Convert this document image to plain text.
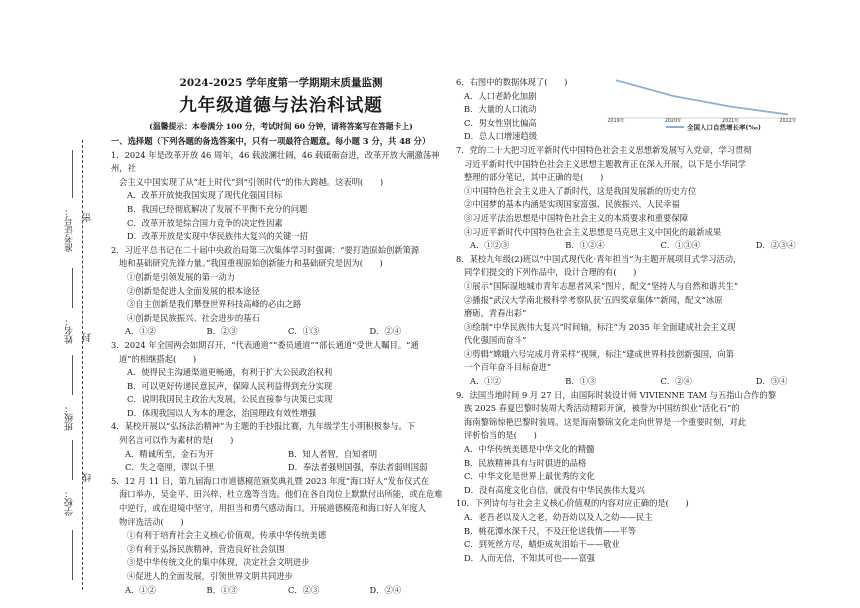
密
封
线
准考证号：
姓名：
班级：
学校：

2024-2025 学年度第一学期期末质量监测

九年级道德与法治科试题

(温馨提示：本卷满分 100 分，考试时间 60 分钟，请将答案写在答题卡上)

一、选择题（下列各题的备选答案中，只有一项最符合题意。每小题 3 分，共 48 分）

1．2024 年是改革开放 46 周年，46 载波澜壮阔，46 载砥砺奋进，改革开放大潮激荡神州，社

会主义中国实现了从“赶上时代”到“引领时代”的伟大跨越。这表明(　　)

A．改革开放使我国实现了现代化强国目标

B．我国已经彻底解决了发展不平衡不充分的问题

C．改革开放是综合国力竞争的决定性因素

D．改革开放是实现中华民族伟大复兴的关键一招

2．习近平总书记在二十届中央政治局第三次集体学习时强调：“要打造原始创新策源

地和基础研究先锋力量。”我国重视原始创新能力和基础研究是因为(　　)

①创新是引领发展的第一动力

②创新是促进人全面发展的根本途径

③自主创新是我们攀登世界科技高峰的必由之路

④创新是民族振兴、社会进步的基石

A．①②	B．②③	C．①③	D．②④

3．2024 年全国两会如期召开，“代表通道”“委员通道”“部长通道”受世人瞩目。“通

道”的相继搭起(　　)

A．使得民主沟通渠道更畅通，有利于扩大公民政治权利

B．可以更好传递民意民声，保障人民利益得到充分实现

C．说明我国民主政治大发展，公民直接参与决策已实现

D．体现我国以人为本的理念，治国理政有效性增强

4．某校开展以“弘扬法治精神”为主题的手抄报比赛，九年级学生小明积极参与。下

列名言可以作为素材的是(　　)

A．精诚所至，金石为开	B．知人者智，自知者明
C．失之毫厘，谬以千里	D．奉法者强则国强，奉法者弱则国弱

5．12 月 11 日，第九届海口市道德模范颁奖典礼暨 2023 年度“海口好人”发布仪式在

海口举办，吴金平、田兴梓、杜立逸等当选。他们在各自岗位上默默付出所能，或在危难

中逆行，或在退境中坚守，用担当和勇气感动海口。开展道德模范和海口好人年度人

物评选活动(　　)

①有利于培育社会主义核心价值观，传承中华传统美德

②有利于弘扬民族精神，营造良好社会氛围

③是中华传统文化的集中体现，决定社会文明进步

④促进人的全面发展，引领世界文明共同进步

A．①②	B．①③	C．②③	D．②④
全国人口自然增长率(‰)
2019年	2020年	2021年	2022年

6．右图中的数据体现了(　　)

A．人口老龄化加剧

B．大量的人口流动

C．男女性别比偏高

D．总人口增速趋缓

7．党的二十大把习近平新时代中国特色社会主义思想新发展写入党章，学习贯彻

习近平新时代中国特色社会主义思想主题教育正在深入开展，以下是小华同学

整理的部分笔记，其中正确的是(　　)

①中国特色社会主义进入了新时代，这是我国发展新的历史方位

②中国梦的基本内涵是实现国家富强、民族振兴、人民幸福

③习近平法治思想是中国特色社会主义的本质要求和重要保障

④习近平新时代中国特色社会主义思想是马克思主义中国化的最新成果

A．①②③	B．①②④	C．①③④	D．②③④

8．某校九年级(2)班以“中国式现代化·青年担当”为主题开展项目式学习活动，

同学们提交的下列作品中，设计合理的有(　　)

①展示“国际湿地城市青年志愿者风采”图片，配文“坚持人与自然和谐共生”

②播报“武汉大学南北极科学考察队获‘五四奖章集体’”新闻，配文“冰原

磨砺，青春出彩”

③绘制“中华民族伟大复兴”时间轴，标注“为 2035 年全面建成社会主义现

代化强国而奋斗”

④剪辑“嫦娥六号完成月背采样”视频，标注“建成世界科技创新强国，向第

一个百年奋斗目标奋进”

A．①②	B．①③	C．②④	D．③④

9．法国当地时间 9 月 27 日，由国际时装设计师 VIVIENNE TAM 与五指山合作的黎

族 2025 春夏巴黎时装周大秀活动精彩开演，被誉为中国纺织业“活化石”的

海南黎锦惊艳巴黎时装周。这是海南黎锦文化走向世界是一个重要时刻，对此

评析恰当的是(　　)

A．中华传统美德是中华文化的精髓

B．民族精神具有与时俱进的品格

C．中华文化是世界上最优秀的文化

D．没有高度文化自信，就没有中华民族伟大复兴

10．下列诗句与社会主义核心价值观的内容对应正确的是(　　)

A．老吾老以及人之老，幼吾幼以及人之幼——民主

B．桃花潭水深千尺，不及汪伦送我情——平等

C．到死丝方尽，蜡炬成灰泪始干——敬业

D．人而无信，不知其可也——富强
